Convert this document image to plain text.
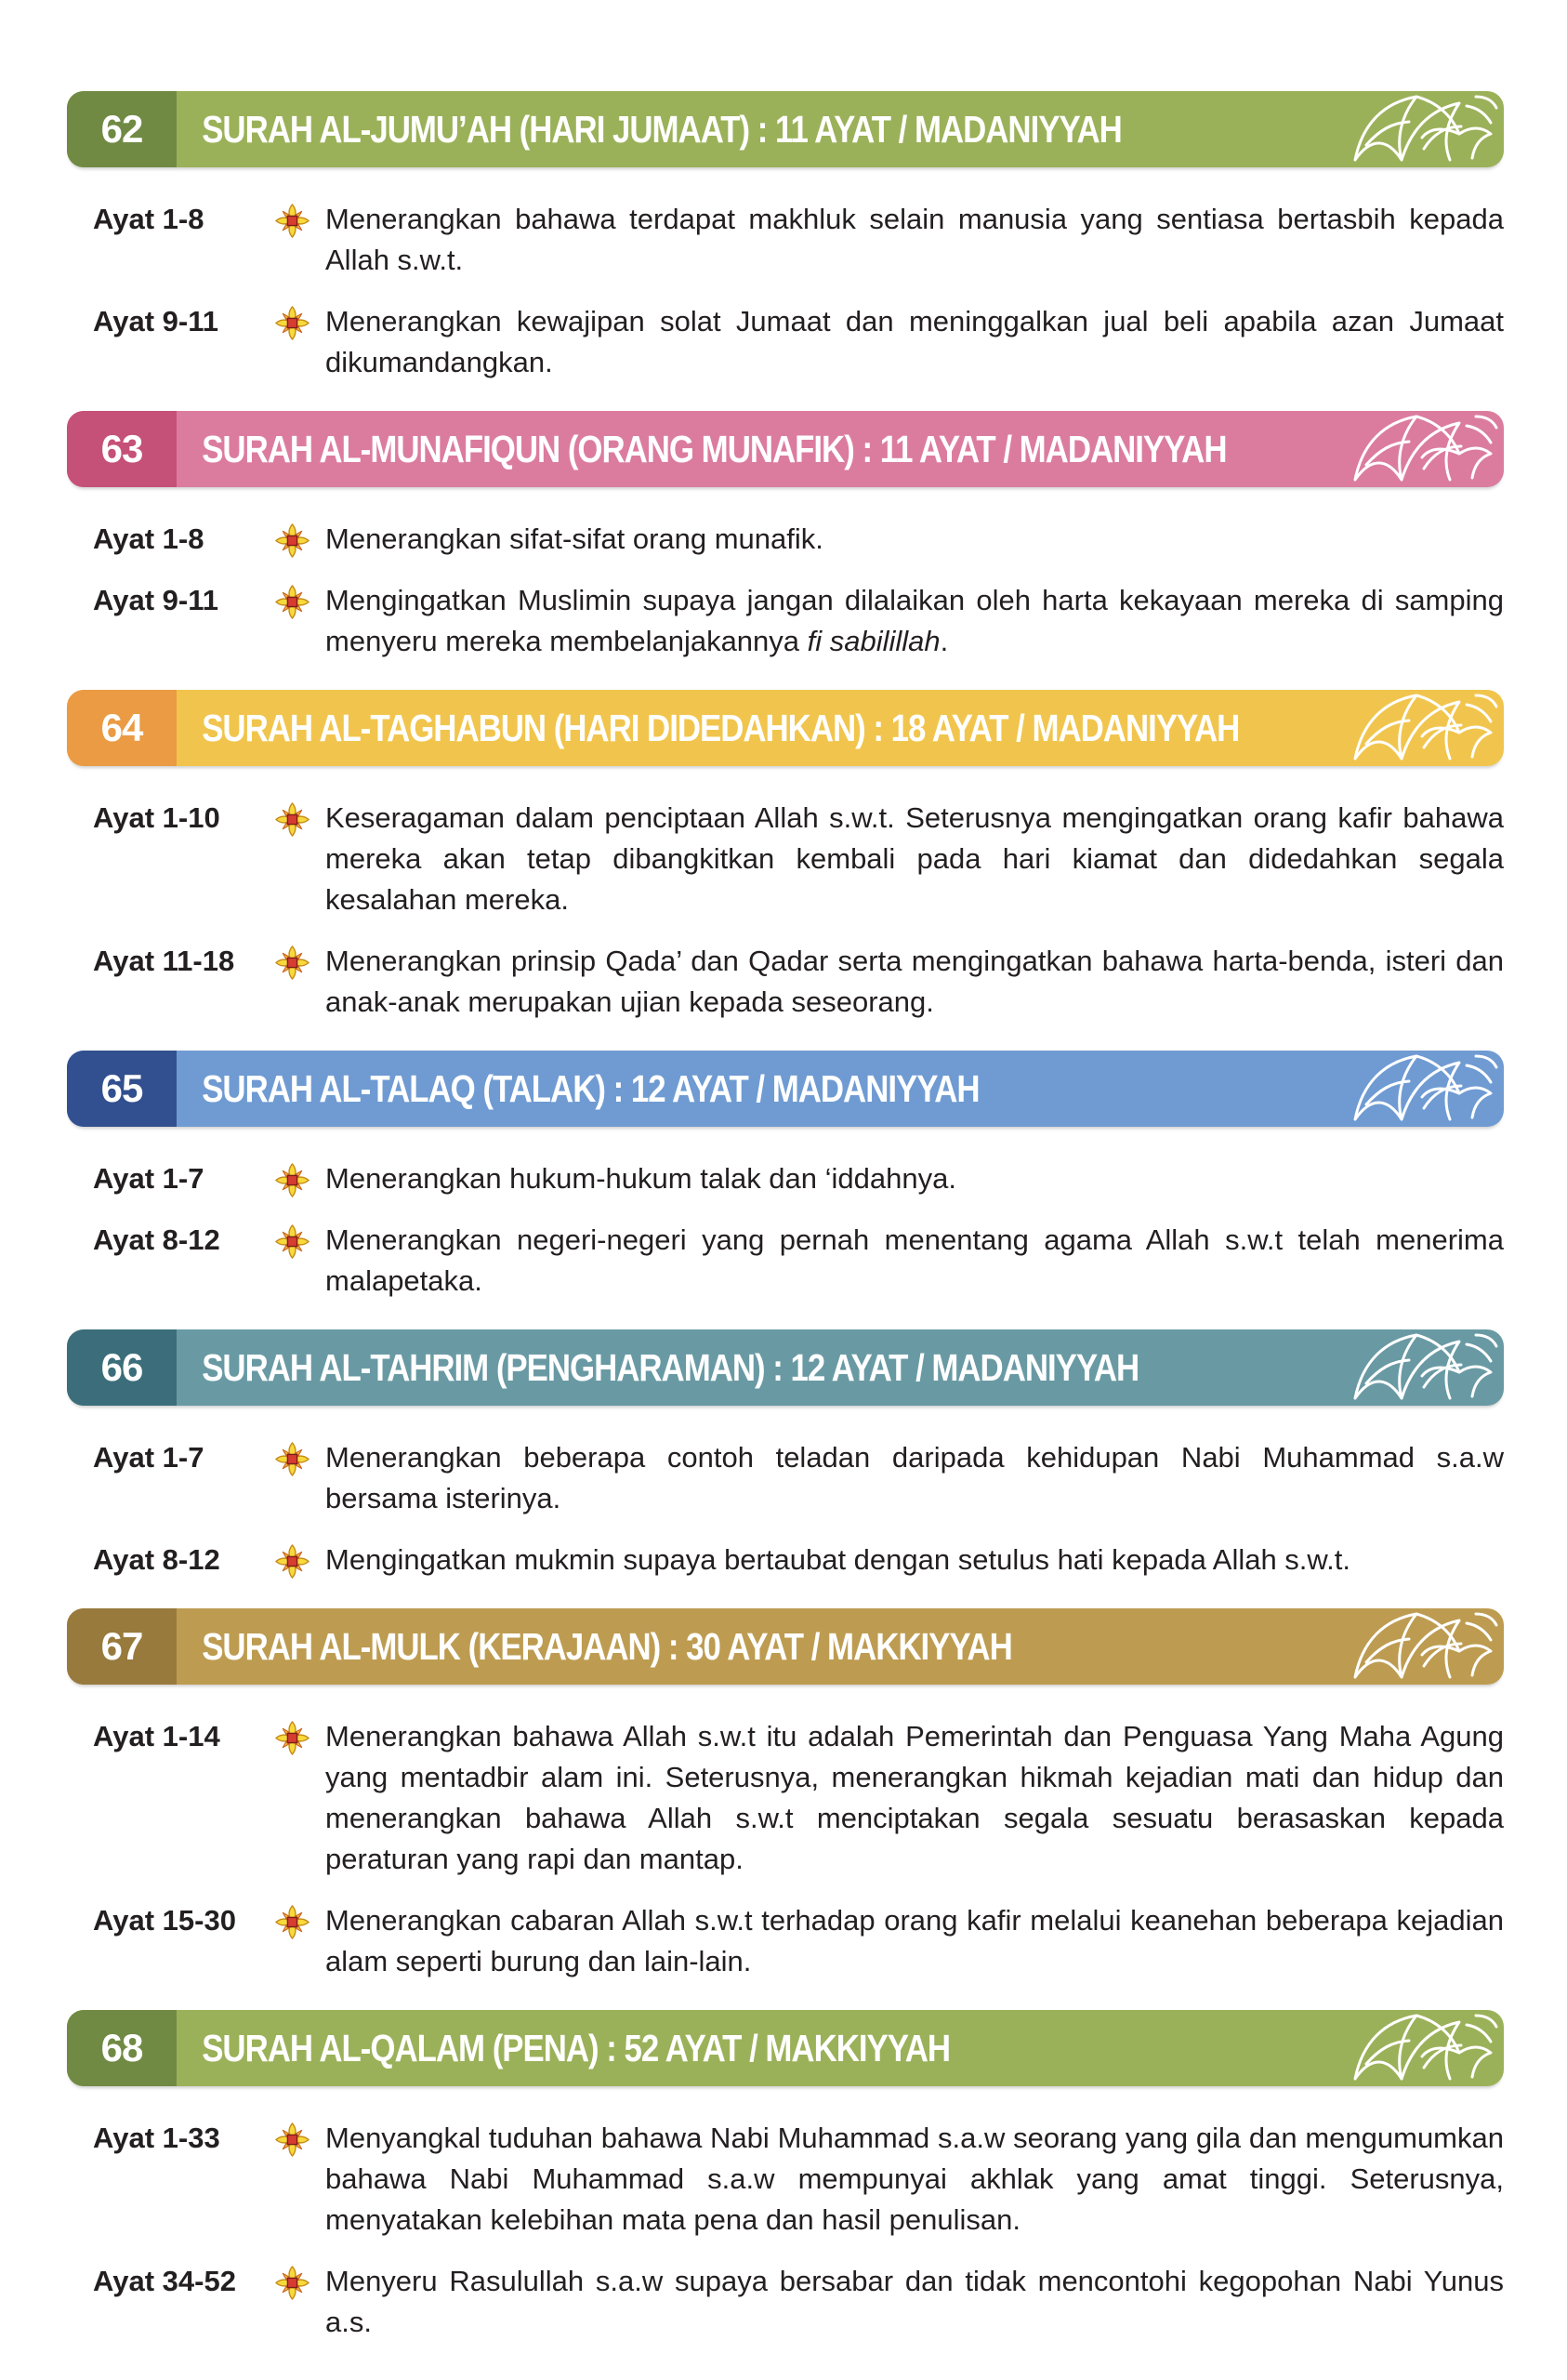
62	SURAH AL-JUMU’AH (HARI JUMAAT) : 11 AYAT / MADANIYYAH
Ayat 1-8	Menerangkan bahawa terdapat makhluk selain manusia yang sentiasa bertasbih kepada Allah s.w.t.
Ayat 9-11	Menerangkan kewajipan solat Jumaat dan meninggalkan jual beli apabila azan Jumaat dikumandangkan.
63	SURAH AL-MUNAFIQUN (ORANG MUNAFIK) : 11 AYAT / MADANIYYAH
Ayat 1-8	Menerangkan sifat-sifat orang munafik.
Ayat 9-11	Mengingatkan Muslimin supaya jangan dilalaikan oleh harta kekayaan mereka di samping menyeru mereka membelanjakannya fi sabilillah.
64	SURAH AL-TAGHABUN (HARI DIDEDAHKAN) : 18 AYAT / MADANIYYAH
Ayat 1-10	Keseragaman dalam penciptaan Allah s.w.t. Seterusnya mengingatkan orang kafir bahawa mereka akan tetap dibangkitkan kembali pada hari kiamat dan didedahkan segala kesalahan mereka.
Ayat 11-18	Menerangkan prinsip Qada’ dan Qadar serta mengingatkan bahawa harta-benda, isteri dan anak-anak merupakan ujian kepada seseorang.
65	SURAH AL-TALAQ (TALAK) : 12 AYAT / MADANIYYAH
Ayat 1-7	Menerangkan hukum-hukum talak dan ‘iddahnya.
Ayat 8-12	Menerangkan negeri-negeri yang pernah menentang agama Allah s.w.t telah menerima malapetaka.
66	SURAH AL-TAHRIM (PENGHARAMAN) : 12 AYAT / MADANIYYAH
Ayat 1-7	Menerangkan beberapa contoh teladan daripada kehidupan Nabi Muhammad s.a.w bersama isterinya.
Ayat 8-12	Mengingatkan mukmin supaya bertaubat dengan setulus hati kepada Allah s.w.t.
67	SURAH AL-MULK (KERAJAAN) : 30 AYAT / MAKKIYYAH
Ayat 1-14	Menerangkan bahawa Allah s.w.t itu adalah Pemerintah dan Penguasa Yang Maha Agung yang mentadbir alam ini. Seterusnya, menerangkan hikmah kejadian mati dan hidup dan menerangkan bahawa Allah s.w.t menciptakan segala sesuatu berasaskan kepada peraturan yang rapi dan mantap.
Ayat 15-30	Menerangkan cabaran Allah s.w.t terhadap orang kafir melalui keanehan beberapa kejadian alam seperti burung dan lain-lain.
68	SURAH AL-QALAM (PENA) : 52 AYAT / MAKKIYYAH
Ayat 1-33	Menyangkal tuduhan bahawa Nabi Muhammad s.a.w seorang yang gila dan mengumumkan bahawa Nabi Muhammad s.a.w mempunyai akhlak yang amat tinggi. Seterusnya, menyatakan kelebihan mata pena dan hasil penulisan.
Ayat 34-52	Menyeru Rasulullah s.a.w supaya bersabar dan tidak mencontohi kegopohan Nabi Yunus a.s.
